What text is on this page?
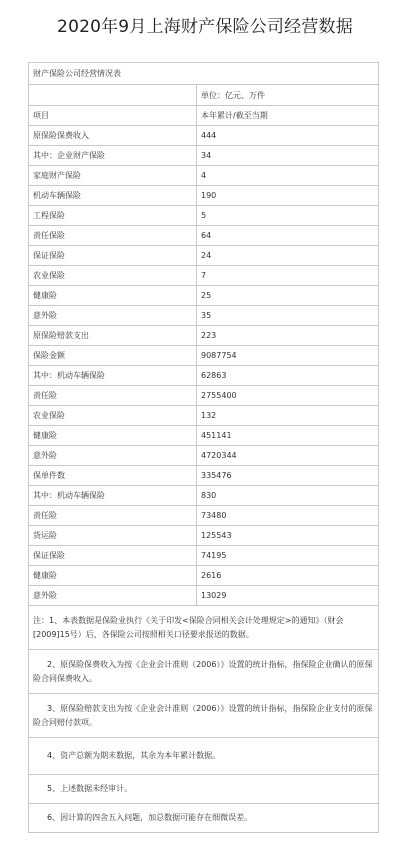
2020年9月上海财产保险公司经营数据
财产保险公司经营情况表	
	单位：亿元、万件
项目	本年累计/截至当期
原保险保费收入	444
其中：企业财产保险	34
家庭财产保险	4
机动车辆保险	190
工程保险	5
责任保险	64
保证保险	24
农业保险	7
健康险	25
意外险	35
原保险赔款支出	223
保险金额	9087754
其中：机动车辆保险	62863
责任险	2755400
农业保险	132
健康险	451141
意外险	4720344
保单件数	335476
其中：机动车辆保险	830
责任险	73480
货运险	125543
保证保险	74195
健康险	2616
意外险	13029
注：1、本表数据是保险业执行《关于印发<保险合同相关会计处理规定>的通知》（财会[2009]15号）后，各保险公司按照相关口径要求报送的数据。	
2、原保险保费收入为按《企业会计准则（2006）》设置的统计指标，指保险企业确认的原保险合同保费收入。	
3、原保险赔款支出为按《企业会计准则（2006）》设置的统计指标，指保险企业支付的原保险合同赔付款项。	
4、资产总额为期末数据，其余为本年累计数据。	
5、上述数据未经审计。	
6、因计算的四舍五入问题，加总数据可能存在细微误差。	
